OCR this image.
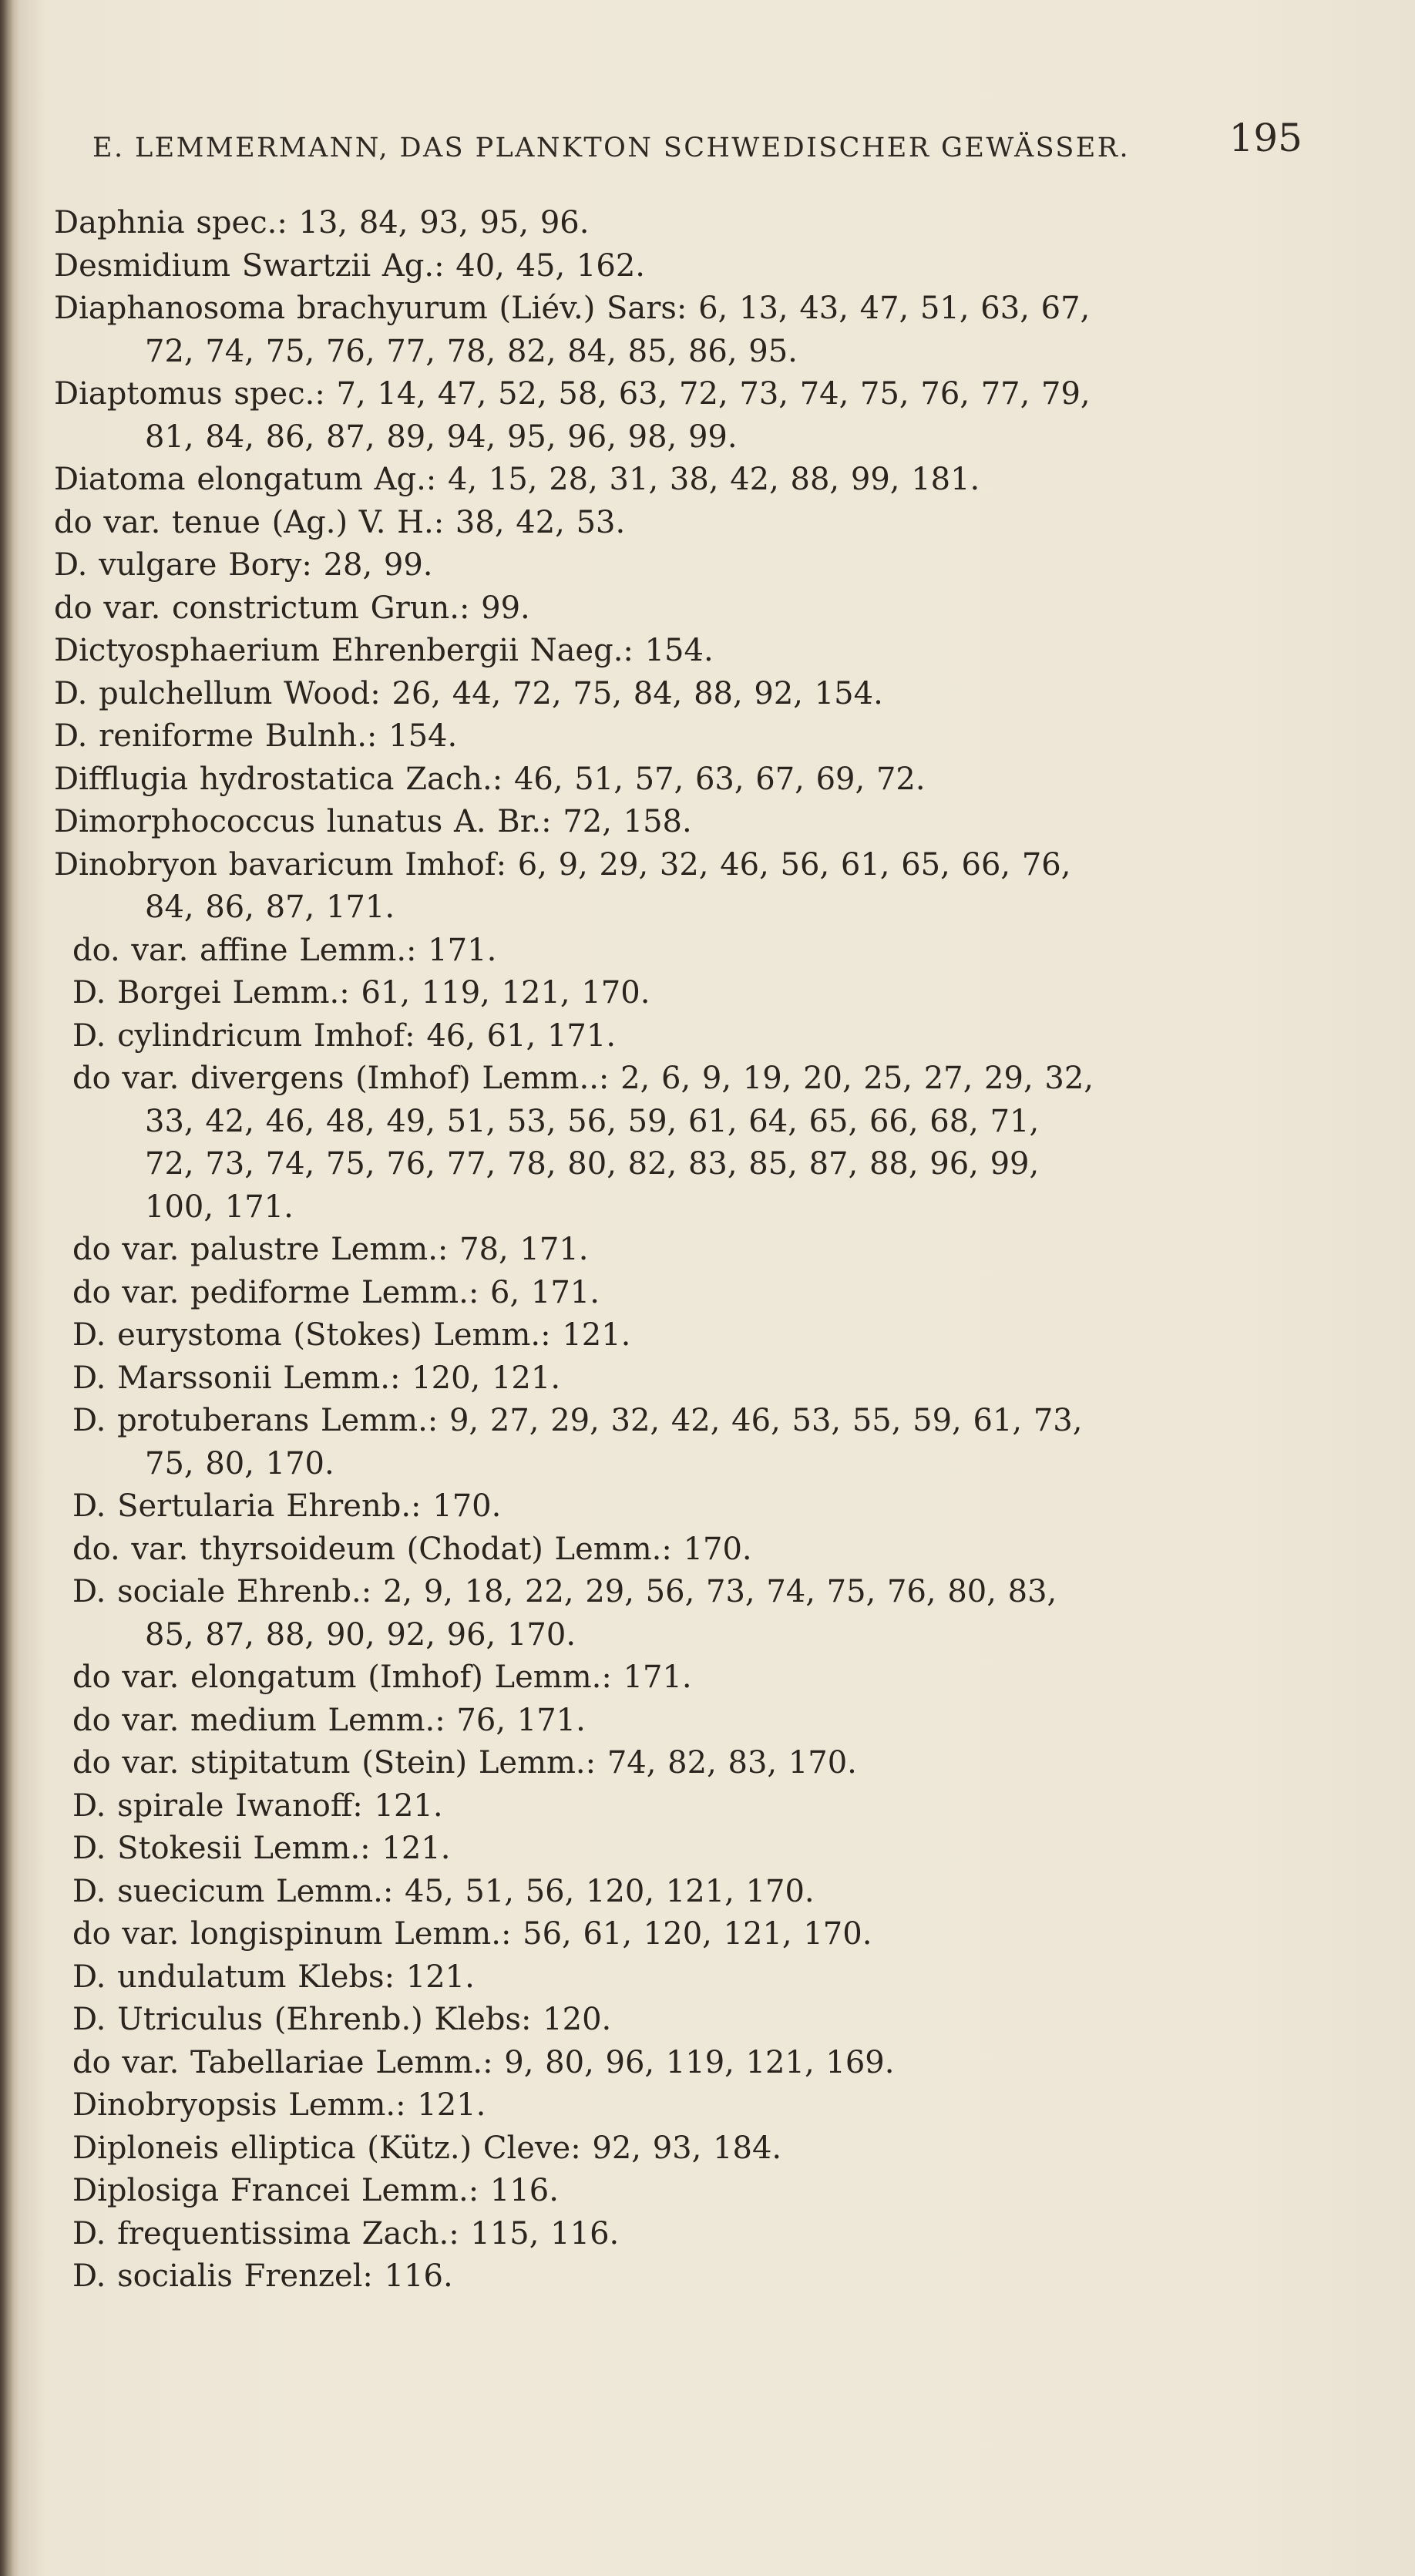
E. LEMMERMANN, DAS PLANKTON SCHWEDISCHER GEWÄSSER.	195
Daphnia spec.: 13, 84, 93, 95, 96.
Desmidium Swartzii Ag.: 40, 45, 162.
Diaphanosoma brachyurum (Liév.) Sars: 6, 13, 43, 47, 51, 63, 67,
72, 74, 75, 76, 77, 78, 82, 84, 85, 86, 95.
Diaptomus spec.: 7, 14, 47, 52, 58, 63, 72, 73, 74, 75, 76, 77, 79,
81, 84, 86, 87, 89, 94, 95, 96, 98, 99.
Diatoma elongatum Ag.: 4, 15, 28, 31, 38, 42, 88, 99, 181.
do var. tenue (Ag.) V. H.: 38, 42, 53.
D. vulgare Bory: 28, 99.
do var. constrictum Grun.: 99.
Dictyosphaerium Ehrenbergii Naeg.: 154.
D. pulchellum Wood: 26, 44, 72, 75, 84, 88, 92, 154.
D. reniforme Bulnh.: 154.
Difflugia hydrostatica Zach.: 46, 51, 57, 63, 67, 69, 72.
Dimorphococcus lunatus A. Br.: 72, 158.
Dinobryon bavaricum Imhof: 6, 9, 29, 32, 46, 56, 61, 65, 66, 76,
84, 86, 87, 171.
do. var. affine Lemm.: 171.
D. Borgei Lemm.: 61, 119, 121, 170.
D. cylindricum Imhof: 46, 61, 171.
do var. divergens (Imhof) Lemm..: 2, 6, 9, 19, 20, 25, 27, 29, 32,
33, 42, 46, 48, 49, 51, 53, 56, 59, 61, 64, 65, 66, 68, 71,
72, 73, 74, 75, 76, 77, 78, 80, 82, 83, 85, 87, 88, 96, 99,
100, 171.
do var. palustre Lemm.: 78, 171.
do var. pediforme Lemm.: 6, 171.
D. eurystoma (Stokes) Lemm.: 121.
D. Marssonii Lemm.: 120, 121.
D. protuberans Lemm.: 9, 27, 29, 32, 42, 46, 53, 55, 59, 61, 73,
75, 80, 170.
D. Sertularia Ehrenb.: 170.
do. var. thyrsoideum (Chodat) Lemm.: 170.
D. sociale Ehrenb.: 2, 9, 18, 22, 29, 56, 73, 74, 75, 76, 80, 83,
85, 87, 88, 90, 92, 96, 170.
do var. elongatum (Imhof) Lemm.: 171.
do var. medium Lemm.: 76, 171.
do var. stipitatum (Stein) Lemm.: 74, 82, 83, 170.
D. spirale Iwanoff: 121.
D. Stokesii Lemm.: 121.
D. suecicum Lemm.: 45, 51, 56, 120, 121, 170.
do var. longispinum Lemm.: 56, 61, 120, 121, 170.
D. undulatum Klebs: 121.
D. Utriculus (Ehrenb.) Klebs: 120.
do var. Tabellariae Lemm.: 9, 80, 96, 119, 121, 169.
Dinobryopsis Lemm.: 121.
Diploneis elliptica (Kütz.) Cleve: 92, 93, 184.
Diplosiga Francei Lemm.: 116.
D. frequentissima Zach.: 115, 116.
D. socialis Frenzel: 116.
